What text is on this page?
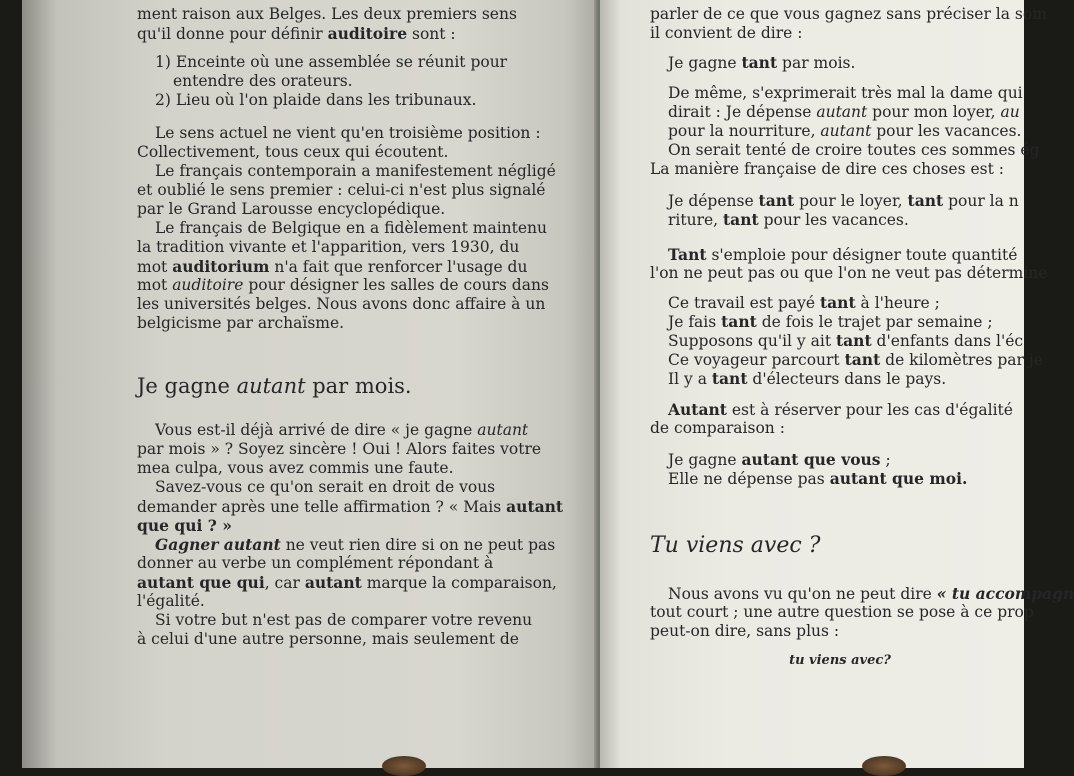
ment raison aux Belges. Les deux premiers sens
qu'il donne pour définir auditoire sont :
1) Enceinte où une assemblée se réunit pour
entendre des orateurs.
2) Lieu où l'on plaide dans les tribunaux.
Le sens actuel ne vient qu'en troisième position :
Collectivement, tous ceux qui écoutent.
Le français contemporain a manifestement négligé
et oublié le sens premier : celui-ci n'est plus signalé
par le Grand Larousse encyclopédique.
Le français de Belgique en a fidèlement maintenu
la tradition vivante et l'apparition, vers 1930, du
mot auditorium n'a fait que renforcer l'usage du
mot auditoire pour désigner les salles de cours dans
les universités belges. Nous avons donc affaire à un
belgicisme par archaïsme.
Je gagne autant par mois.
Vous est-il déjà arrivé de dire « je gagne autant
par mois » ? Soyez sincère ! Oui ! Alors faites votre
mea culpa, vous avez commis une faute.
Savez-vous ce qu'on serait en droit de vous
demander après une telle affirmation ? « Mais autant
que qui ? »
Gagner autant ne veut rien dire si on ne peut pas
donner au verbe un complément répondant à
autant que qui, car autant marque la comparaison,
l'égalité.
Si votre but n'est pas de comparer votre revenu
à celui d'une autre personne, mais seulement de
parler de ce que vous gagnez sans préciser la som
il convient de dire :
Je gagne tant par mois.
De même, s'exprimerait très mal la dame qui
dirait : Je dépense autant pour mon loyer, au
pour la nourriture, autant pour les vacances.
On serait tenté de croire toutes ces sommes ég
La manière française de dire ces choses est :
Je dépense tant pour le loyer, tant pour la n
riture, tant pour les vacances.
Tant s'emploie pour désigner toute quantité
l'on ne peut pas ou que l'on ne veut pas détermine
Ce travail est payé tant à l'heure ;
Je fais tant de fois le trajet par semaine ;
Supposons qu'il y ait tant d'enfants dans l'éc
Ce voyageur parcourt tant de kilomètres par je
Il y a tant d'électeurs dans le pays.
Autant est à réserver pour les cas d'égalité
de comparaison :
Je gagne autant que vous ;
Elle ne dépense pas autant que moi.
Tu viens avec ?
Nous avons vu qu'on ne peut dire « tu accompagn
tout court ; une autre question se pose à ce prop
peut-on dire, sans plus :
tu viens avec?
